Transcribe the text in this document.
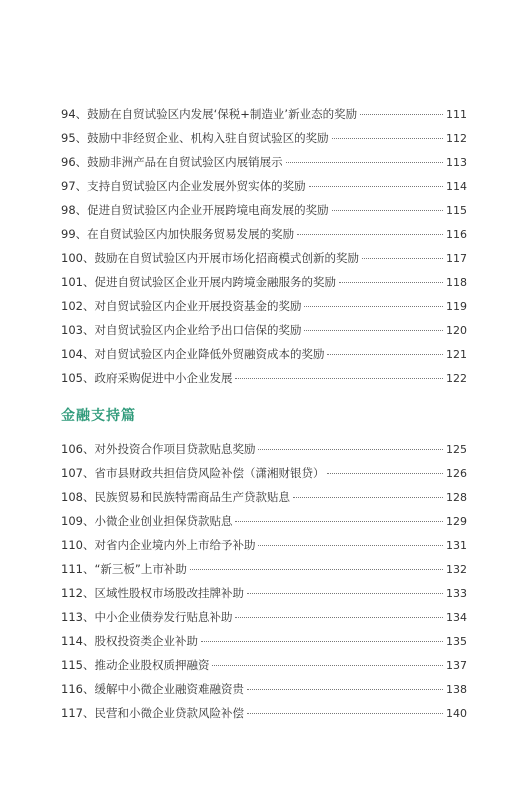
94、鼓励在自贸试验区内发展‘保税+制造业’新业态的奖励	111
95、鼓励中非经贸企业、机构入驻自贸试验区的奖励	112
96、鼓励非洲产品在自贸试验区内展销展示	113
97、支持自贸试验区内企业发展外贸实体的奖励	114
98、促进自贸试验区内企业开展跨境电商发展的奖励	115
99、在自贸试验区内加快服务贸易发展的奖励	116
100、鼓励在自贸试验区内开展市场化招商模式创新的奖励	117
101、促进自贸试验区企业开展内跨境金融服务的奖励	118
102、对自贸试验区内企业开展投资基金的奖励	119
103、对自贸试验区内企业给予出口信保的奖励	120
104、对自贸试验区内企业降低外贸融资成本的奖励	121
105、政府采购促进中小企业发展	122
金融支持篇
106、对外投资合作项目贷款贴息奖励	125
107、省市县财政共担信贷风险补偿（潇湘财银贷）	126
108、民族贸易和民族特需商品生产贷款贴息	128
109、小微企业创业担保贷款贴息	129
110、对省内企业境内外上市给予补助	131
111、“新三板”上市补助	132
112、区域性股权市场股改挂牌补助	133
113、中小企业债券发行贴息补助	134
114、股权投资类企业补助	135
115、推动企业股权质押融资	137
116、缓解中小微企业融资难融资贵	138
117、民营和小微企业贷款风险补偿	140
